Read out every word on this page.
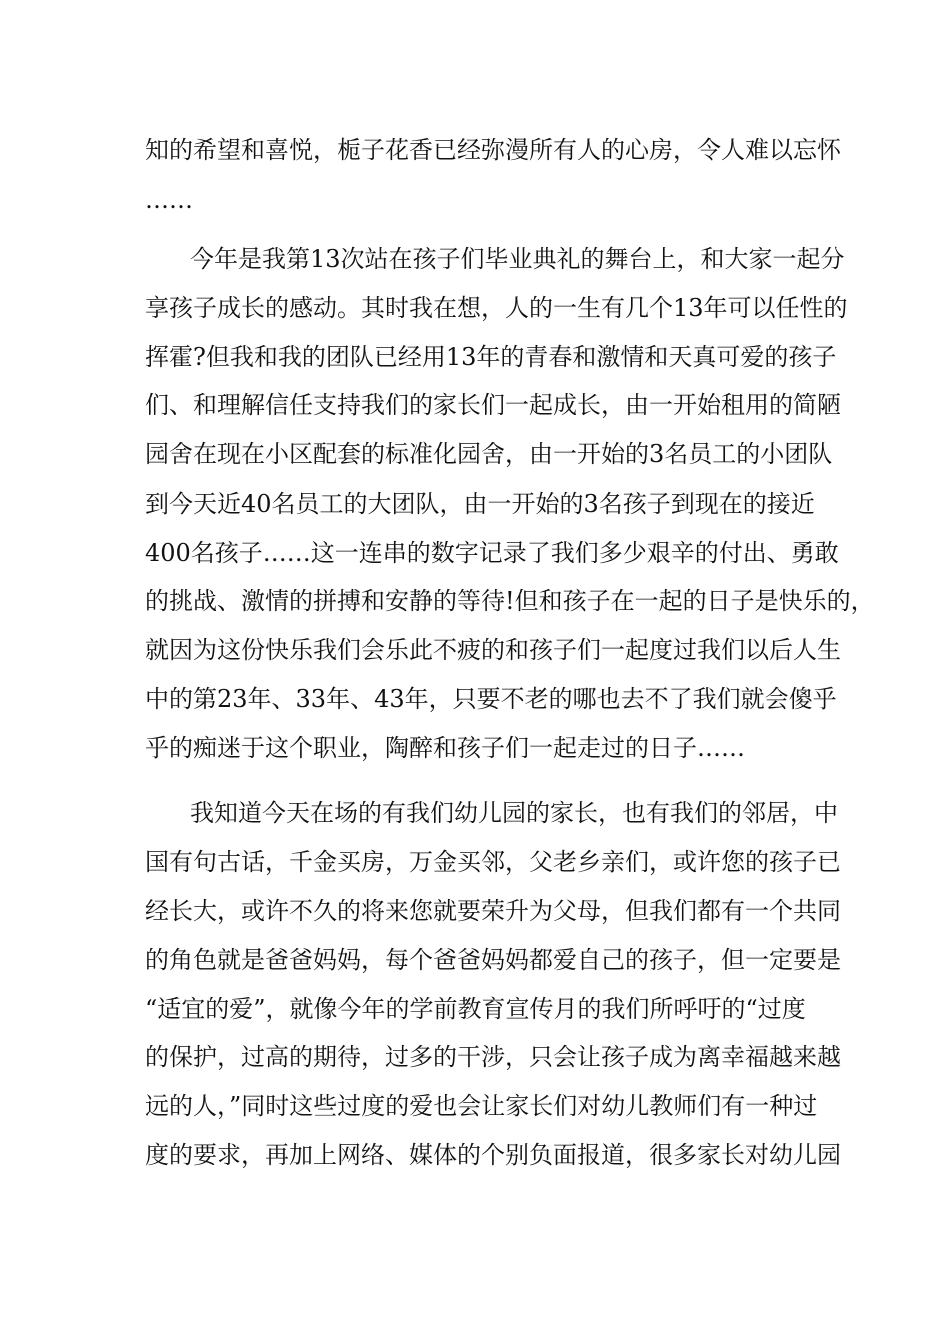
知的希望和喜悦，栀子花香已经弥漫所有人的心房，令人难以忘怀

……

今年是我第13次站在孩子们毕业典礼的舞台上，和大家一起分

享孩子成长的感动。其时我在想，人的一生有几个13年可以任性的

挥霍?但我和我的团队已经用13年的青春和激情和天真可爱的孩子

们、和理解信任支持我们的家长们一起成长，由一开始租用的简陋

园舍在现在小区配套的标准化园舍，由一开始的3名员工的小团队

到今天近40名员工的大团队，由一开始的3名孩子到现在的接近

400名孩子……这一连串的数字记录了我们多少艰辛的付出、勇敢

的挑战、激情的拼搏和安静的等待!但和孩子在一起的日子是快乐的，

就因为这份快乐我们会乐此不疲的和孩子们一起度过我们以后人生

中的第23年、33年、43年，只要不老的哪也去不了我们就会傻乎

乎的痴迷于这个职业，陶醉和孩子们一起走过的日子……

我知道今天在场的有我们幼儿园的家长，也有我们的邻居，中

国有句古话，千金买房，万金买邻，父老乡亲们，或许您的孩子已

经长大，或许不久的将来您就要荣升为父母，但我们都有一个共同

的角色就是爸爸妈妈，每个爸爸妈妈都爱自己的孩子，但一定要是

“适宜的爱”，就像今年的学前教育宣传月的我们所呼吁的“过度

的保护，过高的期待，过多的干涉，只会让孩子成为离幸福越来越

远的人，”同时这些过度的爱也会让家长们对幼儿教师们有一种过

度的要求，再加上网络、媒体的个别负面报道，很多家长对幼儿园
